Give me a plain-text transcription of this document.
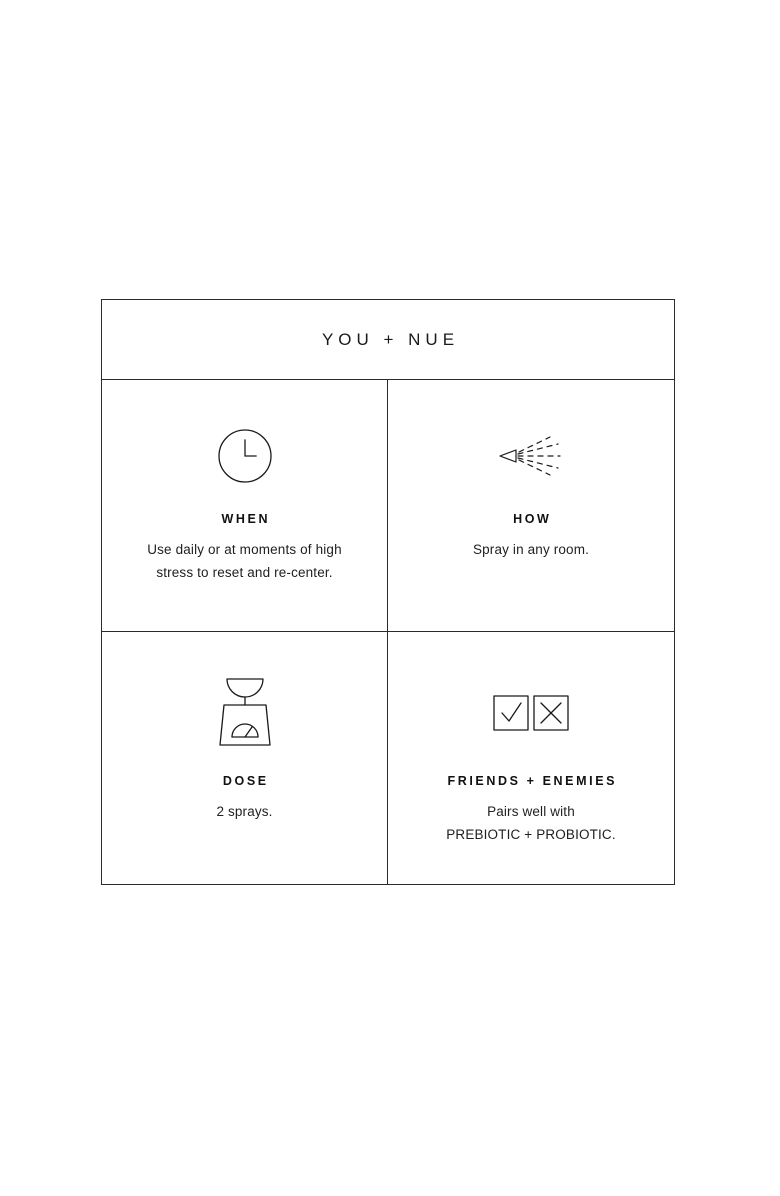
YOU + NUE
WHEN
Use daily or at moments of high
stress to reset and re-center.
HOW
Spray in any room.
DOSE
2 sprays.
FRIENDS + ENEMIES
Pairs well with
PREBIOTIC + PROBIOTIC.
